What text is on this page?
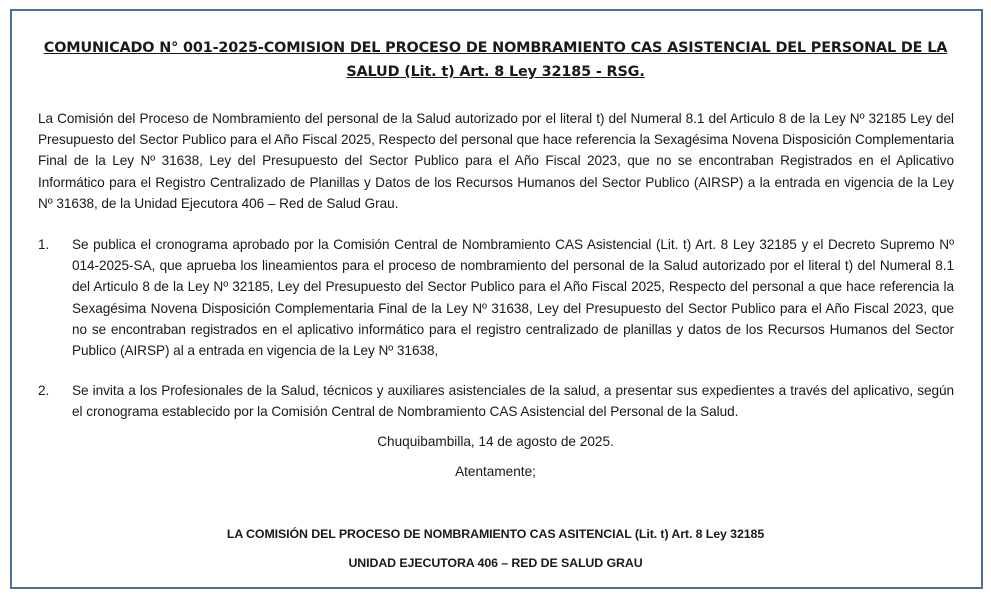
COMUNICADO N° 001-2025-COMISION DEL PROCESO DE NOMBRAMIENTO CAS ASISTENCIAL DEL PERSONAL DE LA SALUD (Lit. t) Art. 8 Ley 32185 - RSG.
La Comisión del Proceso de Nombramiento del personal de la Salud autorizado por el literal t) del Numeral 8.1 del Articulo 8 de la Ley Nº 32185 Ley del Presupuesto del Sector Publico para el Año Fiscal 2025, Respecto del personal que hace referencia la Sexagésima Novena Disposición Complementaria Final de la Ley Nº 31638, Ley del Presupuesto del Sector Publico para el Año Fiscal 2023, que no se encontraban Registrados en el Aplicativo Informático para el Registro Centralizado de Planillas y Datos de los Recursos Humanos del Sector Publico (AIRSP) a la entrada en vigencia de la Ley Nº 31638, de la Unidad Ejecutora 406 – Red de Salud Grau.
1. Se publica el cronograma aprobado por la Comisión Central de Nombramiento CAS Asistencial (Lit. t) Art. 8 Ley 32185 y el Decreto Supremo Nº 014-2025-SA, que aprueba los lineamientos para el proceso de nombramiento del personal de la Salud autorizado por el literal t) del Numeral 8.1 del Articulo 8 de la Ley Nº 32185, Ley del Presupuesto del Sector Publico para el Año Fiscal 2025, Respecto del personal a que hace referencia la Sexagésima Novena Disposición Complementaria Final de la Ley Nº 31638, Ley del Presupuesto del Sector Publico para el Año Fiscal 2023, que no se encontraban registrados en el aplicativo informático para el registro centralizado de planillas y datos de los Recursos Humanos del Sector Publico (AIRSP) al a entrada en vigencia de la Ley Nº 31638,
2. Se invita a los Profesionales de la Salud, técnicos y auxiliares asistenciales de la salud, a presentar sus expedientes a través del aplicativo, según el cronograma establecido por la Comisión Central de Nombramiento CAS Asistencial del Personal de la Salud.
Chuquibambilla, 14 de agosto de 2025.
Atentamente;
LA COMISIÓN DEL PROCESO DE NOMBRAMIENTO CAS ASITENCIAL (Lit. t) Art. 8 Ley 32185
UNIDAD EJECUTORA 406 – RED DE SALUD GRAU
